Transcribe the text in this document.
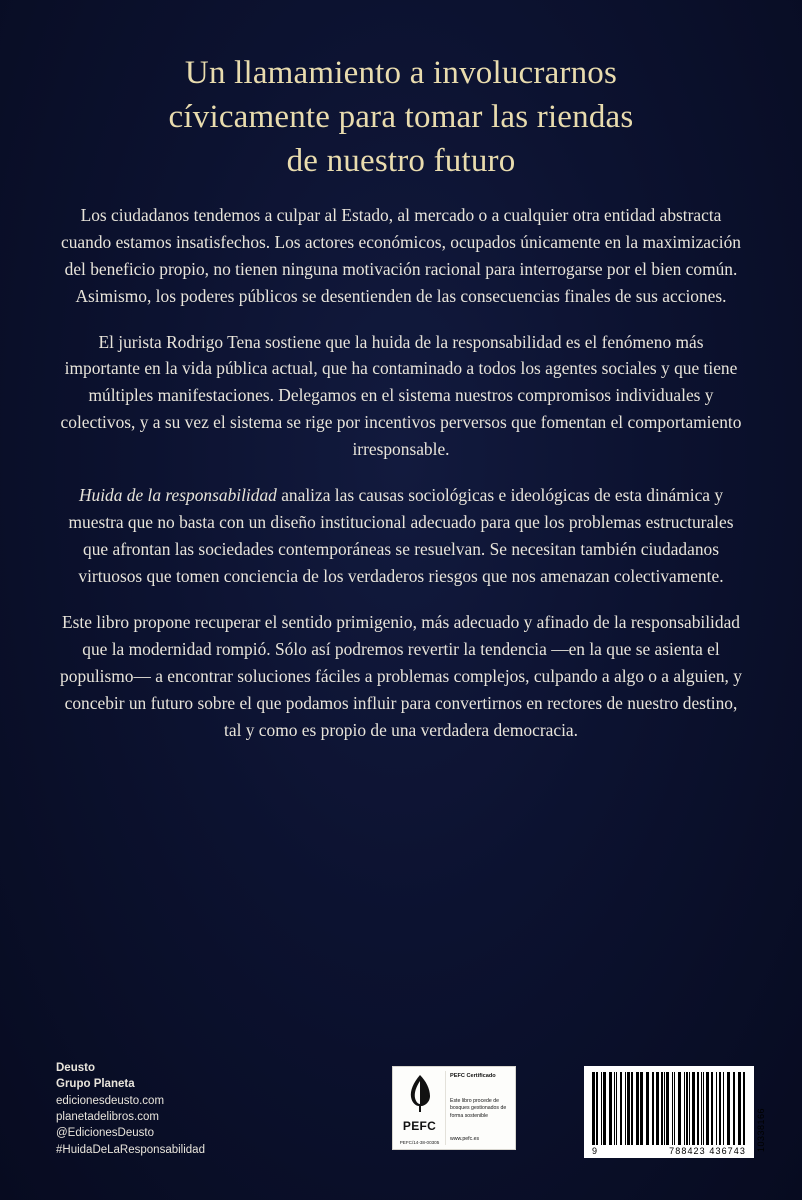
Un llamamiento a involucrarnos
cívicamente para tomar las riendas
de nuestro futuro

Los ciudadanos tendemos a culpar al Estado, al mercado o a cualquier otra entidad abstracta cuando estamos insatisfechos. Los actores económicos, ocupados únicamente en la maximización del beneficio propio, no tienen ninguna motivación racional para interrogarse por el bien común. Asimismo, los poderes públicos se desentienden de las consecuencias finales de sus acciones.

El jurista Rodrigo Tena sostiene que la huida de la responsabilidad es el fenómeno más importante en la vida pública actual, que ha contaminado a todos los agentes sociales y que tiene múltiples manifestaciones. Delegamos en el sistema nuestros compromisos individuales y colectivos, y a su vez el sistema se rige por incentivos perversos que fomentan el comportamiento irresponsable.

Huida de la responsabilidad analiza las causas sociológicas e ideológicas de esta dinámica y muestra que no basta con un diseño institucional adecuado para que los problemas estructurales que afrontan las sociedades contemporáneas se resuelvan. Se necesitan también ciudadanos virtuosos que tomen conciencia de los verdaderos riesgos que nos amenazan colectivamente.

Este libro propone recuperar el sentido primigenio, más adecuado y afinado de la responsabilidad que la modernidad rompió. Sólo así podremos revertir la tendencia —en la que se asienta el populismo— a encontrar soluciones fáciles a problemas complejos, culpando a algo o a alguien, y concebir un futuro sobre el que podamos influir para convertirnos en rectores de nuestro destino, tal y como es propio de una verdadera democracia.

Deusto
Grupo Planeta
edicionesdeusto.com
planetadelibros.com
@EdicionesDeusto
#HuidaDeLaResponsabilidad
PEFC
PEFC/14-38-00305
PEFC Certificado
Este libro procede de bosques gestionados de forma sostenible
www.pefc.es
9	788423 436743 10338166
